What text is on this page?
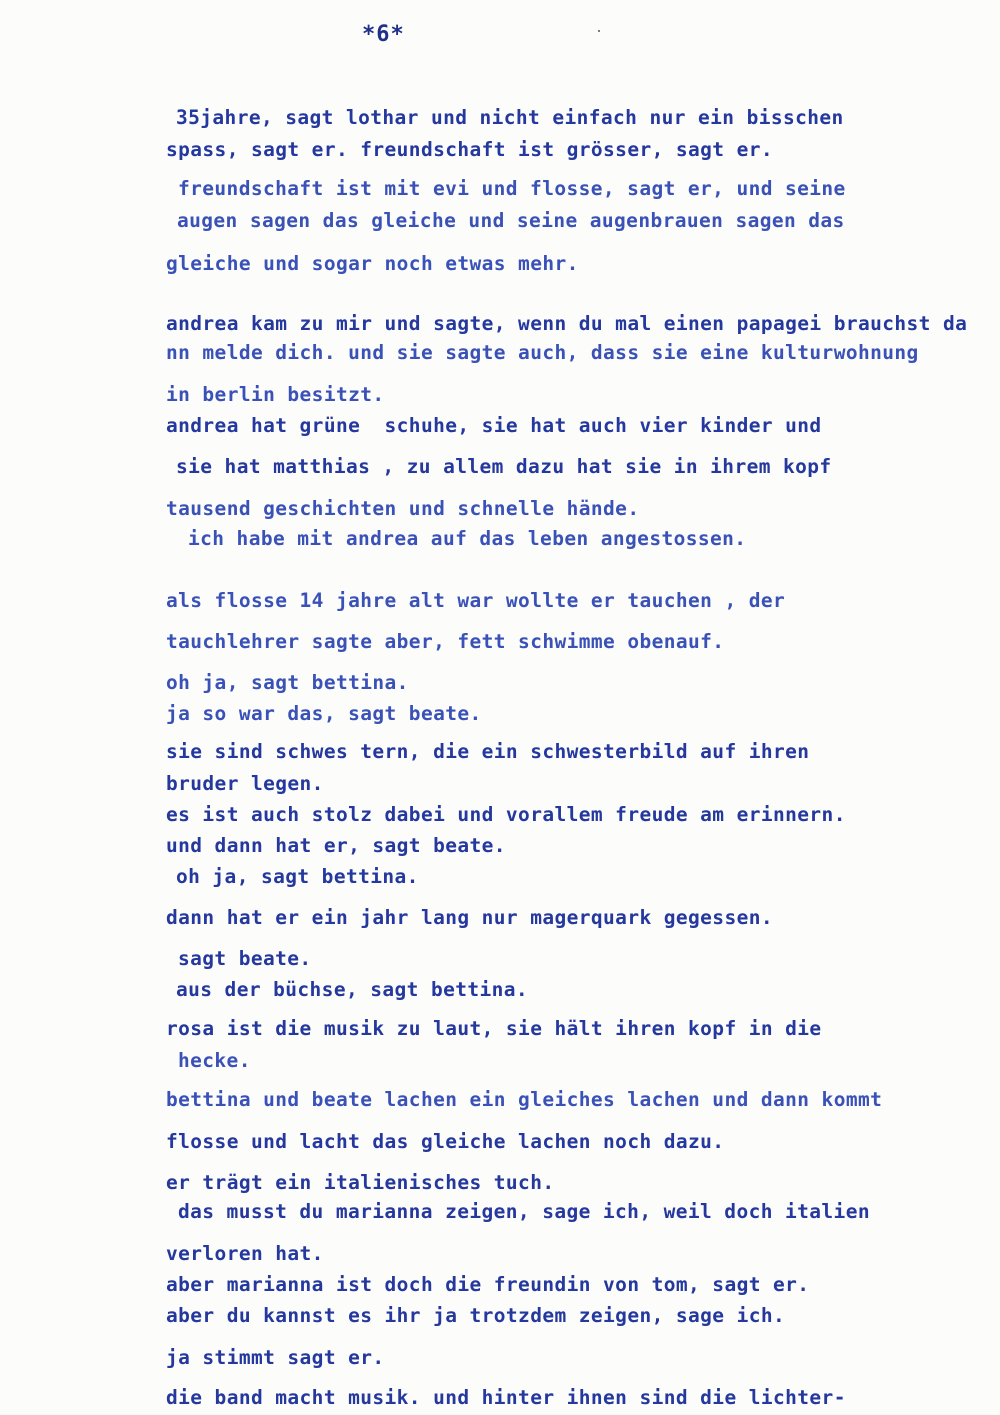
*6*
35jahre, sagt lothar und nicht einfach nur ein bisschen
spass, sagt er. freundschaft ist grösser, sagt er.
freundschaft ist mit evi und flosse, sagt er, und seine
augen sagen das gleiche und seine augenbrauen sagen das
gleiche und sogar noch etwas mehr.
andrea kam zu mir und sagte, wenn du mal einen papagei brauchst da
nn melde dich. und sie sagte auch, dass sie eine kulturwohnung
in berlin besitzt.
andrea hat grüne  schuhe, sie hat auch vier kinder und
sie hat matthias , zu allem dazu hat sie in ihrem kopf
tausend geschichten und schnelle hände.
ich habe mit andrea auf das leben angestossen.
als flosse 14 jahre alt war wollte er tauchen , der
tauchlehrer sagte aber, fett schwimme obenauf.
oh ja, sagt bettina.
ja so war das, sagt beate.
sie sind schwes tern, die ein schwesterbild auf ihren
bruder legen.
es ist auch stolz dabei und vorallem freude am erinnern.
und dann hat er, sagt beate.
oh ja, sagt bettina.
dann hat er ein jahr lang nur magerquark gegessen.
sagt beate.
aus der büchse, sagt bettina.
rosa ist die musik zu laut, sie hält ihren kopf in die
hecke.
bettina und beate lachen ein gleiches lachen und dann kommt
flosse und lacht das gleiche lachen noch dazu.
er trägt ein italienisches tuch.
das musst du marianna zeigen, sage ich, weil doch italien
verloren hat.
aber marianna ist doch die freundin von tom, sagt er.
aber du kannst es ihr ja trotzdem zeigen, sage ich.
ja stimmt sagt er.
die band macht musik. und hinter ihnen sind die lichter-
